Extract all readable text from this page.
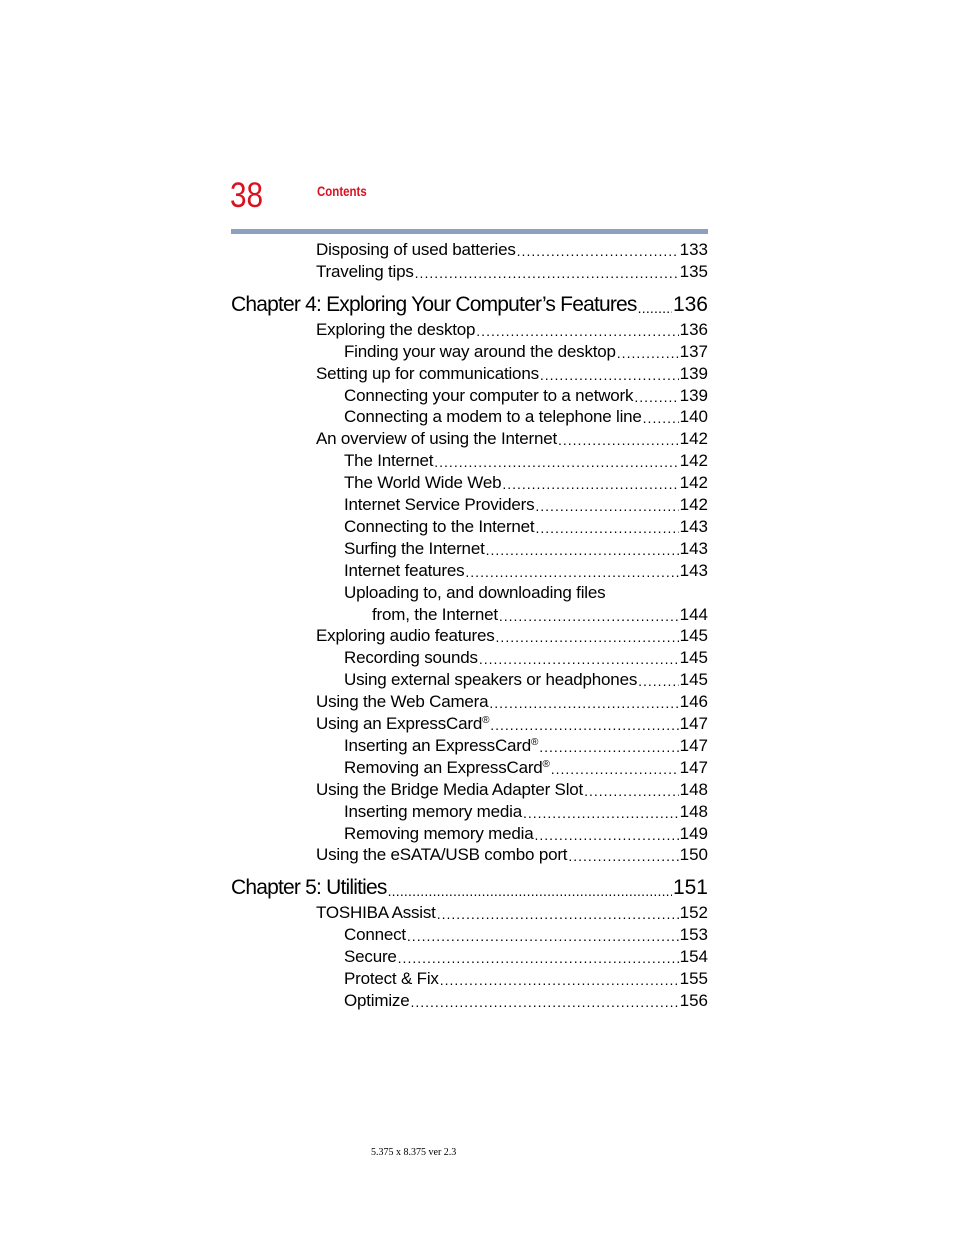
38	Contents
Disposing of used batteries .....	133
Traveling tips .....	135
Chapter 4: Exploring Your Computer’s Features ..... 136
Exploring the desktop .....	136
Finding your way around the desktop .....	137
Setting up for communications .....	139
Connecting your computer to a network .....	139
Connecting a modem to a telephone line ..... 140
An overview of using the Internet .....	142
The Internet .....	142
The World Wide Web .....	142
Internet Service Providers .....	142
Connecting to the Internet .....	143
Surfing the Internet .....	143
Internet features .....	143
Uploading to, and downloading files
from, the Internet .....	144
Exploring audio features .....	145
Recording sounds .....	145
Using external speakers or headphones .....	145
Using the Web Camera .....	146
Using an ExpressCard® .....	147
Inserting an ExpressCard® .....	147
Removing an ExpressCard® .....	147
Using the Bridge Media Adapter Slot .....	148
Inserting memory media .....	148
Removing memory media .....	149
Using the eSATA/USB combo port .....	150
Chapter 5: Utilities .....	151
TOSHIBA Assist .....	152
Connect .....	153
Secure .....	154
Protect & Fix .....	155
Optimize .....	156
5.375 x 8.375 ver 2.3
